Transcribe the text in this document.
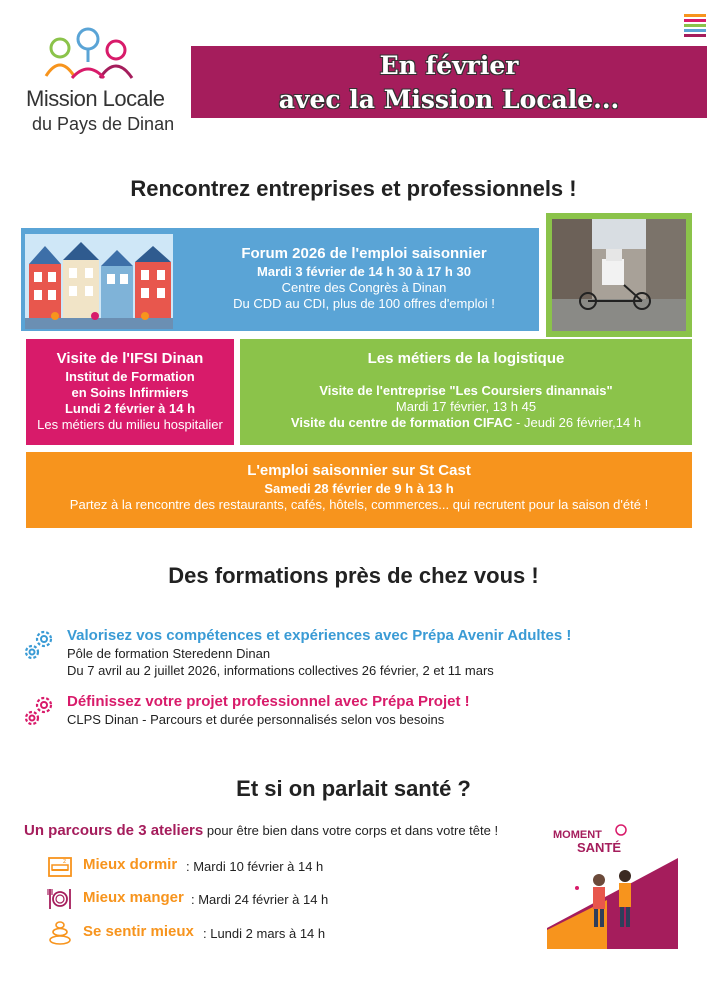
Mission Locale
du Pays de Dinan
En février
avec la Mission Locale...
Rencontrez entreprises et professionnels !
Forum 2026 de l'emploi saisonnier
Mardi 3 février de 14 h 30 à 17 h 30
Centre des Congrès à Dinan
Du CDD au CDI, plus de 100 offres d'emploi !
Visite de l'IFSI Dinan
Institut de Formation
en Soins Infirmiers
Lundi 2 février à 14 h
Les métiers du milieu hospitalier
Les métiers de la logistique
Visite de l'entreprise "Les Coursiers dinannais"
Mardi 17 février, 13 h 45
Visite du centre de formation CIFAC - Jeudi 26 février,14 h
L'emploi saisonnier sur St Cast
Samedi 28 février de 9 h à 13 h
Partez à la rencontre des restaurants, cafés, hôtels, commerces... qui recrutent pour la saison d'été !
Des formations près de chez vous !
Valorisez vos compétences et expériences avec Prépa Avenir Adultes !
Pôle de formation Steredenn Dinan
Du 7 avril au 2 juillet 2026, informations collectives 26 février, 2 et 11 mars
Définissez votre projet professionnel avec Prépa Projet !
CLPS Dinan - Parcours et durée personnalisés selon vos besoins
Et si on parlait santé ?
Un parcours de 3 ateliers pour être bien dans votre corps et dans votre tête !
z Mieux dormir : Mardi 10 février à 14 h
Mieux manger : Mardi 24 février à 14 h
Se sentir mieux : Lundi 2 mars à 14 h
MOMENT
SANTÉ
